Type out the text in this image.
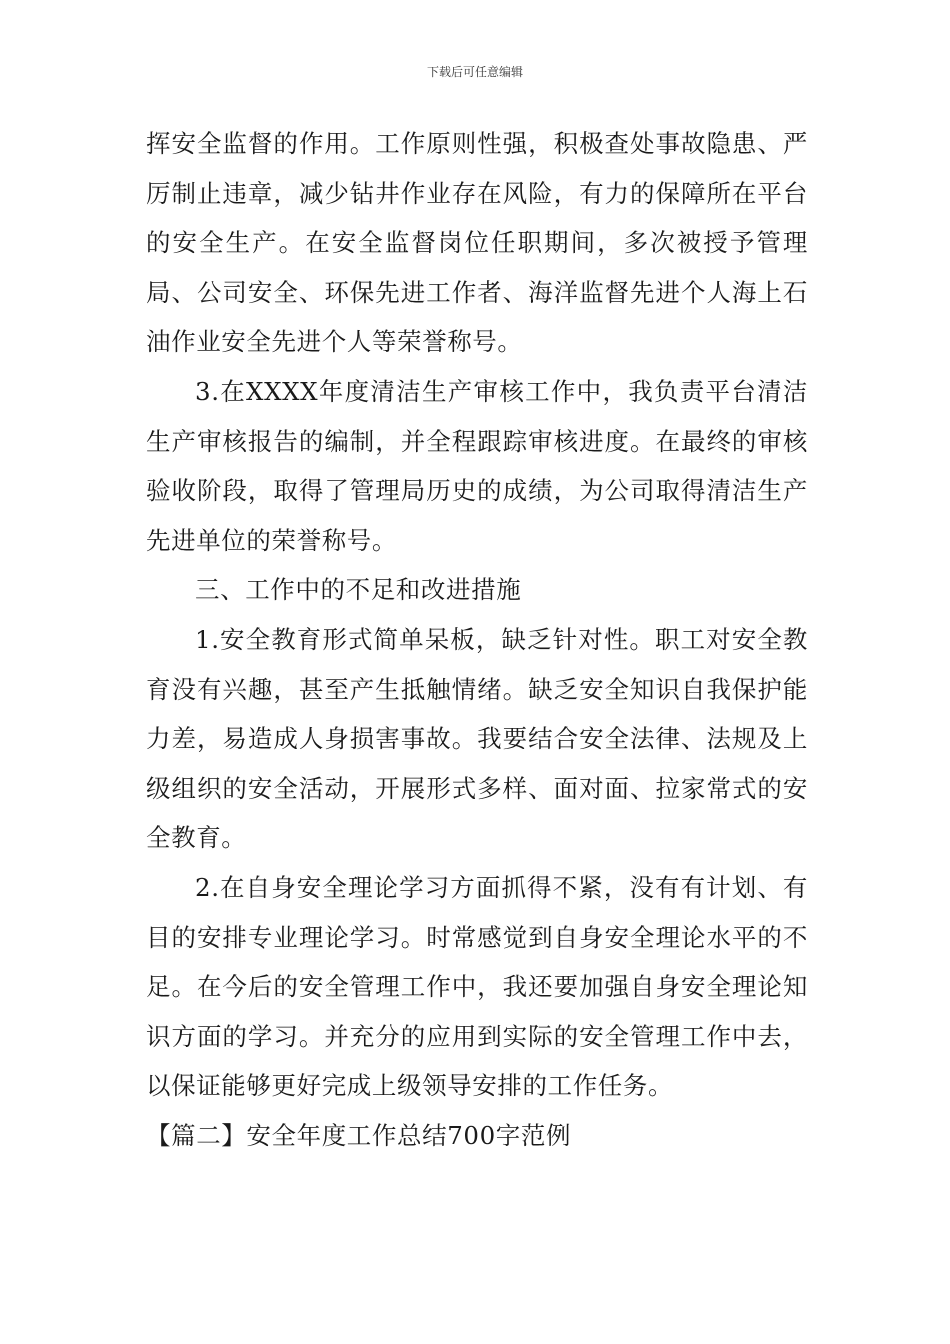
下载后可任意编辑

挥安全监督的作用。工作原则性强，积极查处事故隐患、严厉制止违章，减少钻井作业存在风险，有力的保障所在平台的安全生产。在安全监督岗位任职期间，多次被授予管理局、公司安全、环保先进工作者、海洋监督先进个人海上石油作业安全先进个人等荣誉称号。

3.在XXXX年度清洁生产审核工作中，我负责平台清洁生产审核报告的编制，并全程跟踪审核进度。在最终的审核验收阶段，取得了管理局历史的成绩，为公司取得清洁生产先进单位的荣誉称号。

三、工作中的不足和改进措施

1.安全教育形式简单呆板，缺乏针对性。职工对安全教育没有兴趣，甚至产生抵触情绪。缺乏安全知识自我保护能力差，易造成人身损害事故。我要结合安全法律、法规及上级组织的安全活动，开展形式多样、面对面、拉家常式的安全教育。

2.在自身安全理论学习方面抓得不紧，没有有计划、有目的安排专业理论学习。时常感觉到自身安全理论水平的不足。在今后的安全管理工作中，我还要加强自身安全理论知识方面的学习。并充分的应用到实际的安全管理工作中去，以保证能够更好完成上级领导安排的工作任务。

【篇二】安全年度工作总结700字范例
